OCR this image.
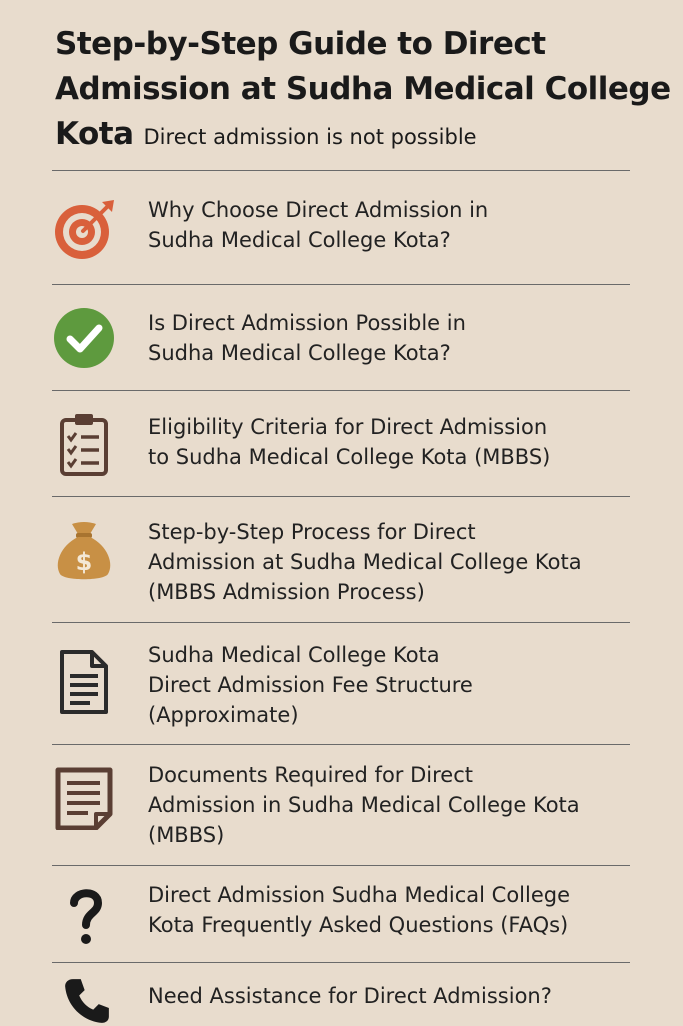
Step-by-Step Guide to Direct
Admission at Sudha Medical College
Kota Direct admission is not possible
Why Choose Direct Admission in
Sudha Medical College Kota?
Is Direct Admission Possible in
Sudha Medical College Kota?
Eligibility Criteria for Direct Admission
to Sudha Medical College Kota (MBBS)
$
Step-by-Step Process for Direct
Admission at Sudha Medical College Kota
(MBBS Admission Process)
Sudha Medical College Kota
Direct Admission Fee Structure
(Approximate)
Documents Required for Direct
Admission in Sudha Medical College Kota
(MBBS)
Direct Admission Sudha Medical College
Kota Frequently Asked Questions (FAQs)
Need Assistance for Direct Admission?
